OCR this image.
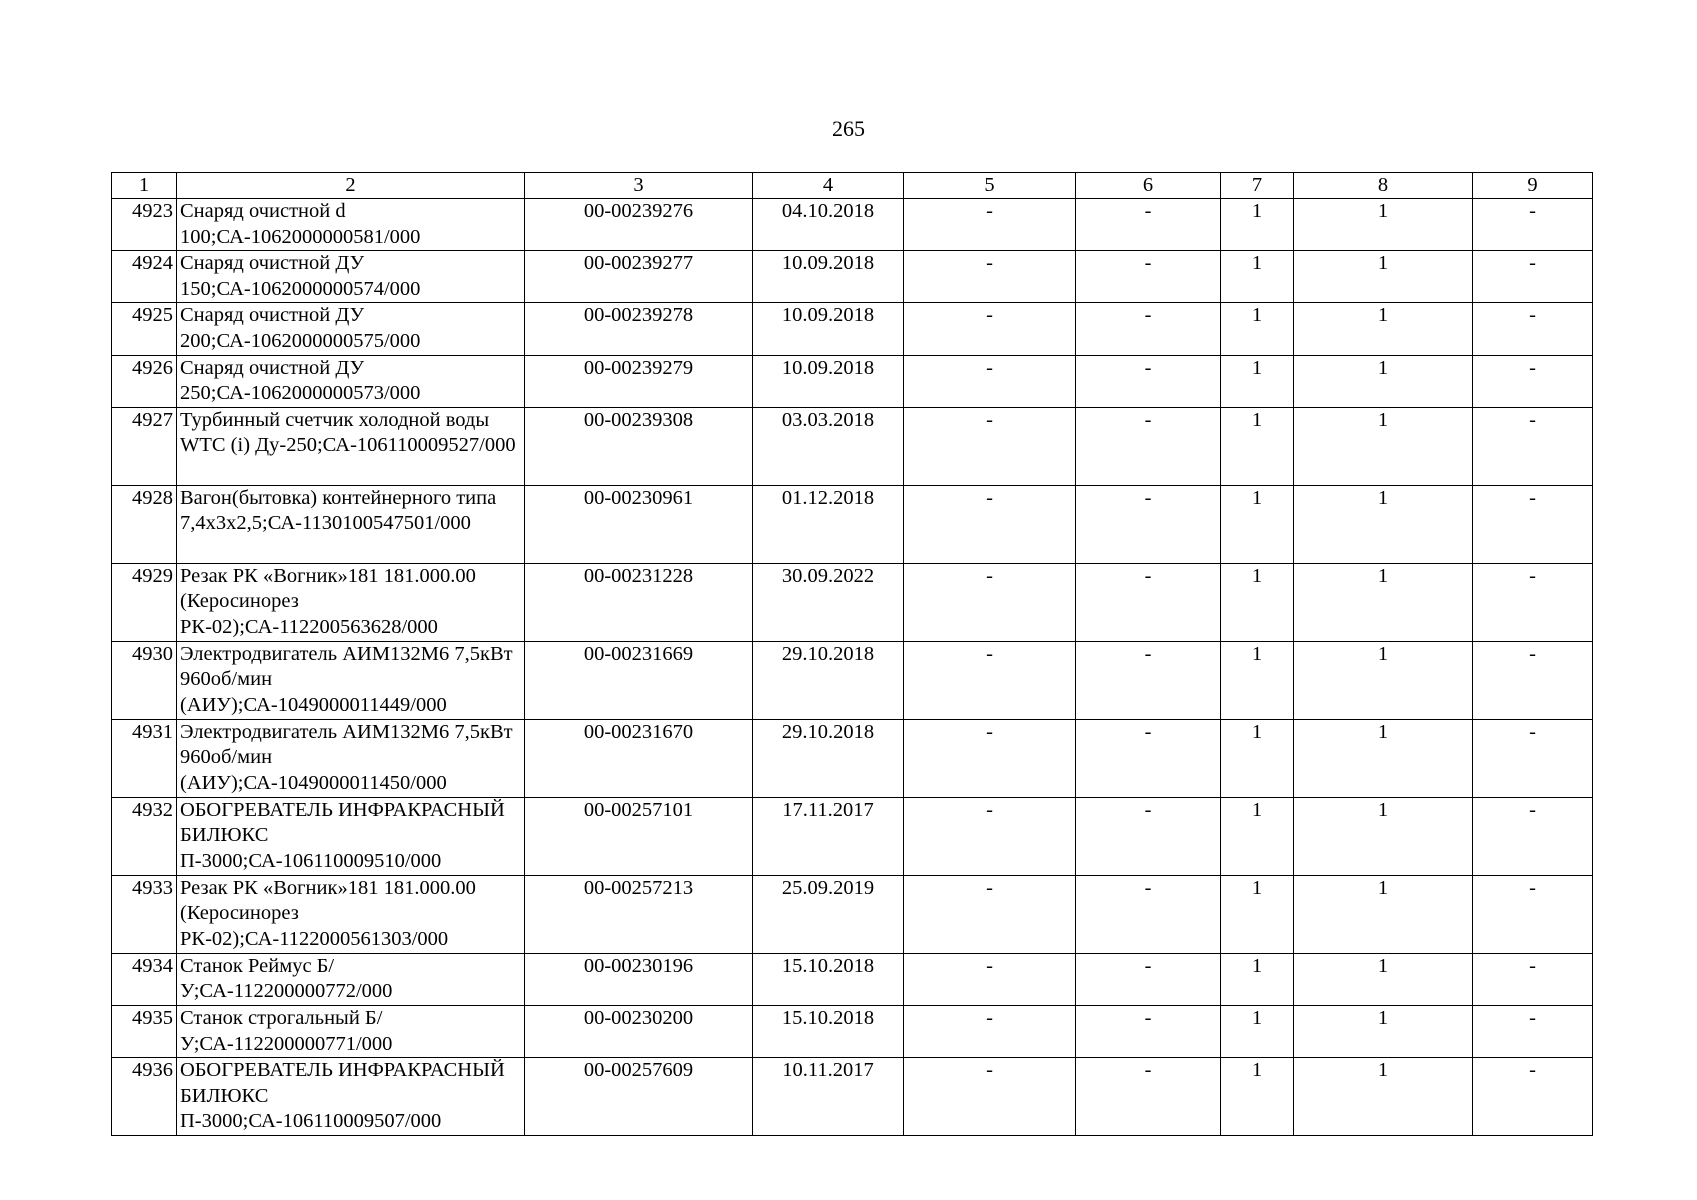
265
1	2	3	4	5	6	7	8	9
4923	Снаряд очистной d 100;СА-1062000000581/000	00-00239276	04.10.2018	-	-	1	1	-
4924	Снаряд очистной ДУ 150;СА-1062000000574/000	00-00239277	10.09.2018	-	-	1	1	-
4925	Снаряд очистной ДУ 200;СА-1062000000575/000	00-00239278	10.09.2018	-	-	1	1	-
4926	Снаряд очистной ДУ 250;СА-1062000000573/000	00-00239279	10.09.2018	-	-	1	1	-
4927	Турбинный счетчик холодной воды WTC (i) Ду-250;СА-106110009527/000	00-00239308	03.03.2018	-	-	1	1	-
4928	Вагон(бытовка) контейнерного типа 7,4х3х2,5;СА-1130100547501/000	00-00230961	01.12.2018	-	-	1	1	-
4929	Резак РК «Вогник»181 181.000.00 (Керосинорез РК-02);СА-112200563628/000	00-00231228	30.09.2022	-	-	1	1	-
4930	Электродвигатель АИМ132М6 7,5кВт 960об/мин (АИУ);СА-1049000011449/000	00-00231669	29.10.2018	-	-	1	1	-
4931	Электродвигатель АИМ132М6 7,5кВт 960об/мин (АИУ);СА-1049000011450/000	00-00231670	29.10.2018	-	-	1	1	-
4932	ОБОГРЕВАТЕЛЬ ИНФРАКРАСНЫЙ БИЛЮКС П-3000;СА-106110009510/000	00-00257101	17.11.2017	-	-	1	1	-
4933	Резак РК «Вогник»181 181.000.00 (Керосинорез РК-02);СА-1122000561303/000	00-00257213	25.09.2019	-	-	1	1	-
4934	Станок Реймус Б/У;СА-112200000772/000	00-00230196	15.10.2018	-	-	1	1	-
4935	Станок строгальный Б/У;СА-112200000771/000	00-00230200	15.10.2018	-	-	1	1	-
4936	ОБОГРЕВАТЕЛЬ ИНФРАКРАСНЫЙ БИЛЮКС П-3000;СА-106110009507/000	00-00257609	10.11.2017	-	-	1	1	-
